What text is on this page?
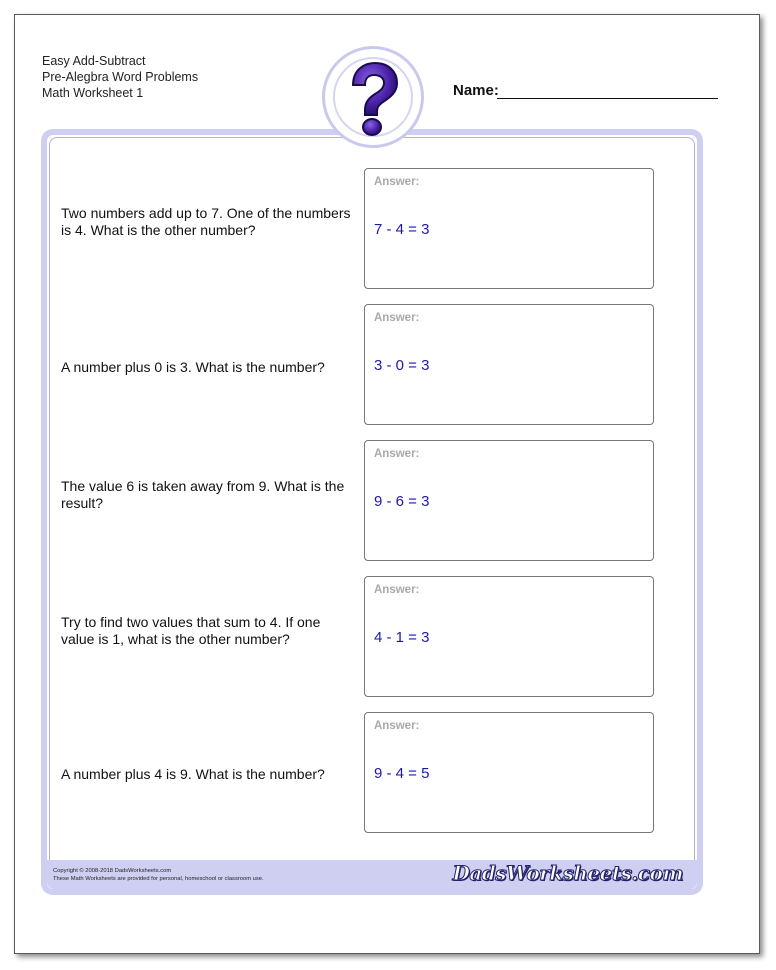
Easy Add-Subtract
Pre-Alegbra Word Problems
Math Worksheet 1	Name:
Two numbers add up to 7. One of the numbers is 4. What is the other number?
Answer:
7 - 4 = 3
A number plus 0 is 3. What is the number?
Answer:
3 - 0 = 3
The value 6 is taken away from 9. What is the result?
Answer:
9 - 6 = 3
Try to find two values that sum to 4. If one value is 1, what is the other number?
Answer:
4 - 1 = 3
A number plus 4 is 9. What is the number?
Answer:
9 - 4 = 5
Copyright © 2008-2018 DadsWorksheets.com
These Math Worksheets are provided for personal, homeschool or classroom use.	DadsWorksheets.com
